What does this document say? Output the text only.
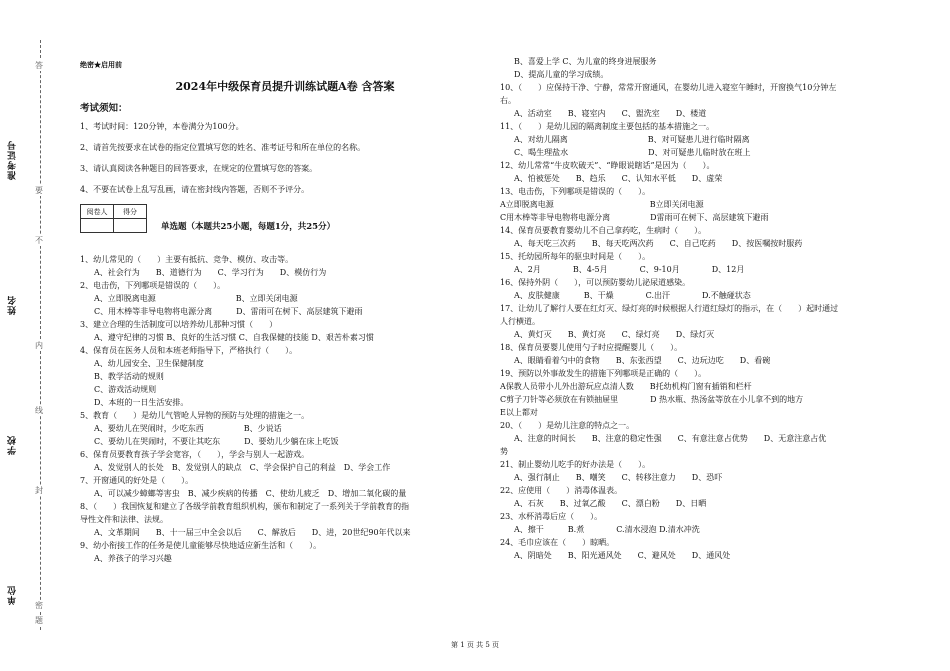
准考证号
姓名
学校
单位
密
封
线
内
不
要
答
题
绝密★启用前
2024年中级保育员提升训练试题A卷 含答案
考试须知：
1、考试时间：120分钟，本卷满分为100分。
2、请首先按要求在试卷的指定位置填写您的姓名、准考证号和所在单位的名称。
3、请认真阅读各种题目的回答要求，在规定的位置填写您的答案。
4、不要在试卷上乱写乱画，请在密封线内答题，否则不予评分。
阅卷人	得分

单选题（本题共25小题，每题1分，共25分）
1、幼儿常见的（　　）主要有抵抗、竞争、模仿、攻击等。
A、社会行为　　B、道德行为　　C、学习行为　　D、模仿行为
2、电击伤，下列哪项是错误的（　　）。
A、立即脱离电源　　　　　　　　　　B、立即关闭电源
C、用木棒等非导电物将电源分离　　　D、雷雨可在树下、高层建筑下避雨
3、建立合理的生活制度可以培养幼儿那种习惯（　　）
A、遵守纪律的习惯 B、良好的生活习惯 C、自我保健的技能 D、艰苦朴素习惯
4、保育员在医务人员和本班老师指导下，严格执行（　　）。
A、幼儿园安全、卫生保健制度
B、教学活动的规则
C、游戏活动规则
D、本班的一日生活安排。
5、教育（　　）是幼儿气管呛人异物的预防与处理的措施之一。
A、要幼儿在哭闹时，少吃东西　　　　　B、少说话
C、要幼儿在哭闹时，不要让其吃东　　　D、要幼儿少躺在床上吃饭
6、保育员要教育孩子学会宽容，（　　），学会与别人一起游戏。
A、发觉别人的长处　B、发觉别人的缺点　C、学会保护自己的利益　D、学会工作
7、开窗通风的好处是（　　）。
A、可以减少蟑螂等害虫　B、减少疾病的传播　C、使幼儿疲乏　D、增加二氧化碳的量
8、（　　）我国恢复和建立了各级学前教育组织机构，颁布和制定了一系列关于学前教育的指
导性文件和法律、法规。
A、文革期间　　B、十一届三中全会以后　　C、解放后　　D、进，20世纪90年代以来
9、幼小衔接工作的任务是使儿童能够尽快地适应新生活和（　　）。
A、养孩子的学习兴趣
B、喜爱上学 C、为儿童的终身进展服务
D、提高儿童的学习成绩。
10、（　　）应保持干净、宁静，常常开窗通风，在婴幼儿进入寝室午睡时，开窗换气10分钟左
右。
A、活动室　　B、寝室内　　C、盥洗室　　D、楼道
11、（　　）是幼儿园的隔离制度主要包括的基本措施之一。
A、对幼儿隔离　　　　　　　　　　B、对可疑患儿进行临时隔离
C、喝生理盐水　　　　　　　　　　D、对可疑患儿临时放在班上
12、幼儿常常“牛皮吹破天”、“睁眼说瞎话”是因为（　　）。
A、怕被惩处　　B、趋乐　　C、认知水平低　　D、虚荣
13、电击伤，下列哪项是错误的（　　）。
A立即脱离电源　　　　　　　　　　　　B立即关闭电源
C用木棒等非导电物将电源分离　　　　　D雷雨可在树下、高层建筑下避雨
14、保育员要教育婴幼儿不自己拿药吃，生病时（　　）。
A、每天吃三次药　　B、每天吃两次药　　C、自己吃药　　D、按医嘱按时服药
15、托幼园所每年的驱虫时间是（　　）。
A、2月　　　　B、4-5月　　　　C、9-10月　　　　D、12月
16、保持外阴（　　），可以预防婴幼儿泌尿道感染。
A、皮肤健康　　　B、干燥　　　　C.出汗　　　　D.不触碰状态
17、让幼儿了解行人要在红灯灭、绿灯亮的时候根据人行道红绿灯的指示，在（　　）起时通过
人行横道。
A、黄灯灭　　B、黄灯亮　　C、绿灯亮　　D、绿灯灭
18、保育员要婴儿使用勺子时应提醒婴儿（　　）。
A、眼睛看着勺中的食物　　B、东张西望　　C、边玩边吃　　D、看碗
19、预防以外事故发生的措施下列哪项是正确的（　　）。
A保教人员带小儿外出游玩应点清人数　　B托幼机构门窗有插销和栏杆
C剪子刀针等必须放在有锁抽屉里　　　　D 热水瓶、热汤盆等放在小儿拿不到的地方
E以上都对
20、（　　）是幼儿注意的特点之一。
A、注意的时间长　　B、注意的稳定性强　　C、有意注意占优势　　D、无意注意占优
势
21、制止婴幼儿吃手的好办法是（　　）。
A、强行制止　　B、嘲笑　　C、转移注意力　　D、恐吓
22、应使用（　　）消毒体温表。
A、石灰　　B、过氧乙酸　　C、漂白粉　　D、日晒
23、水杯消毒后应（　　）。
A、擦干　　　B.煮　　　　C.清水浸泡 D.清水冲洗
24、毛巾应该在（　　）晾晒。
A、阴暗处　　B、阳光通风处　　C、避风处　　D、通风处
第 1 页 共 5 页
